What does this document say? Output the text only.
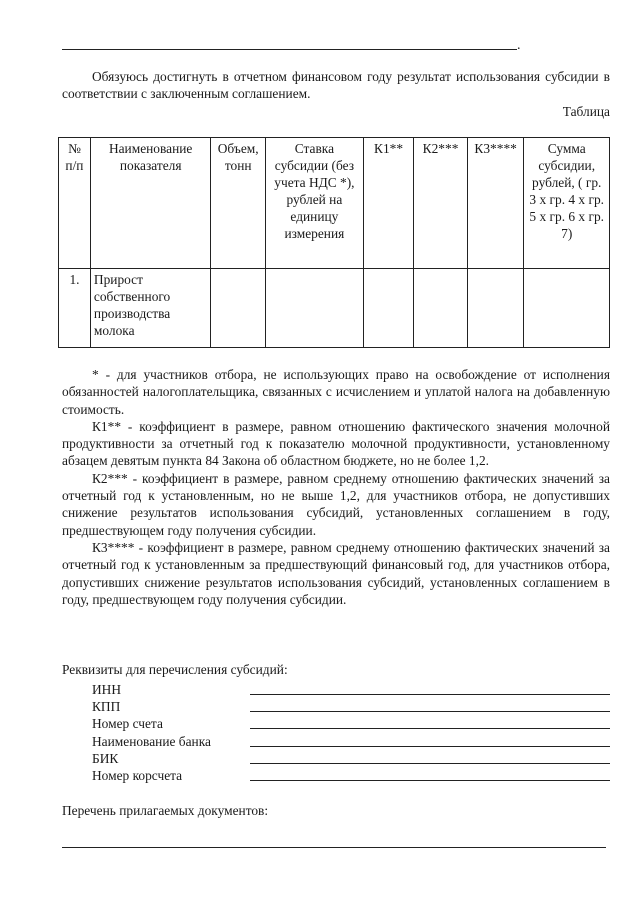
.

Обязуюсь достигнуть в отчетном финансовом году результат использования субсидии в соответствии с заключенным соглашением.

Таблица
№ п/п	Наименование показателя	Объем, тонн	Ставка субсидии (без учета НДС *), рублей на единицу измерения	К1**	К2***	К3****	Сумма субсидии, рублей, ( гр. 3 х гр. 4 х гр. 5 х гр. 6 х гр. 7)
1.	Прирост собственного производства молока						

* - для участников отбора, не использующих право на освобождение от исполнения обязанностей налогоплательщика, связанных с исчислением и уплатой налога на добавленную стоимость.

К1** - коэффициент в размере, равном отношению фактического значения молочной продуктивности за отчетный год к показателю молочной продуктивности, установленному абзацем девятым пункта 84 Закона об областном бюджете, но не более 1,2.

К2*** - коэффициент в размере, равном среднему отношению фактических значений за отчетный год к установленным, но не выше 1,2, для участников отбора, не допустивших снижение результатов использования субсидий, установленных соглашением в году, предшествующем году получения субсидии.

К3**** - коэффициент в размере, равном среднему отношению фактических значений за отчетный год к установленным за предшествующий финансовый год, для участников отбора, допустивших снижение результатов использования субсидий, установленных соглашением в году, предшествующем году получения субсидии.

Реквизиты для перечисления субсидий:
ИНН
КПП
Номер счета
Наименование банка
БИК
Номер корсчета
Перечень прилагаемых документов:
